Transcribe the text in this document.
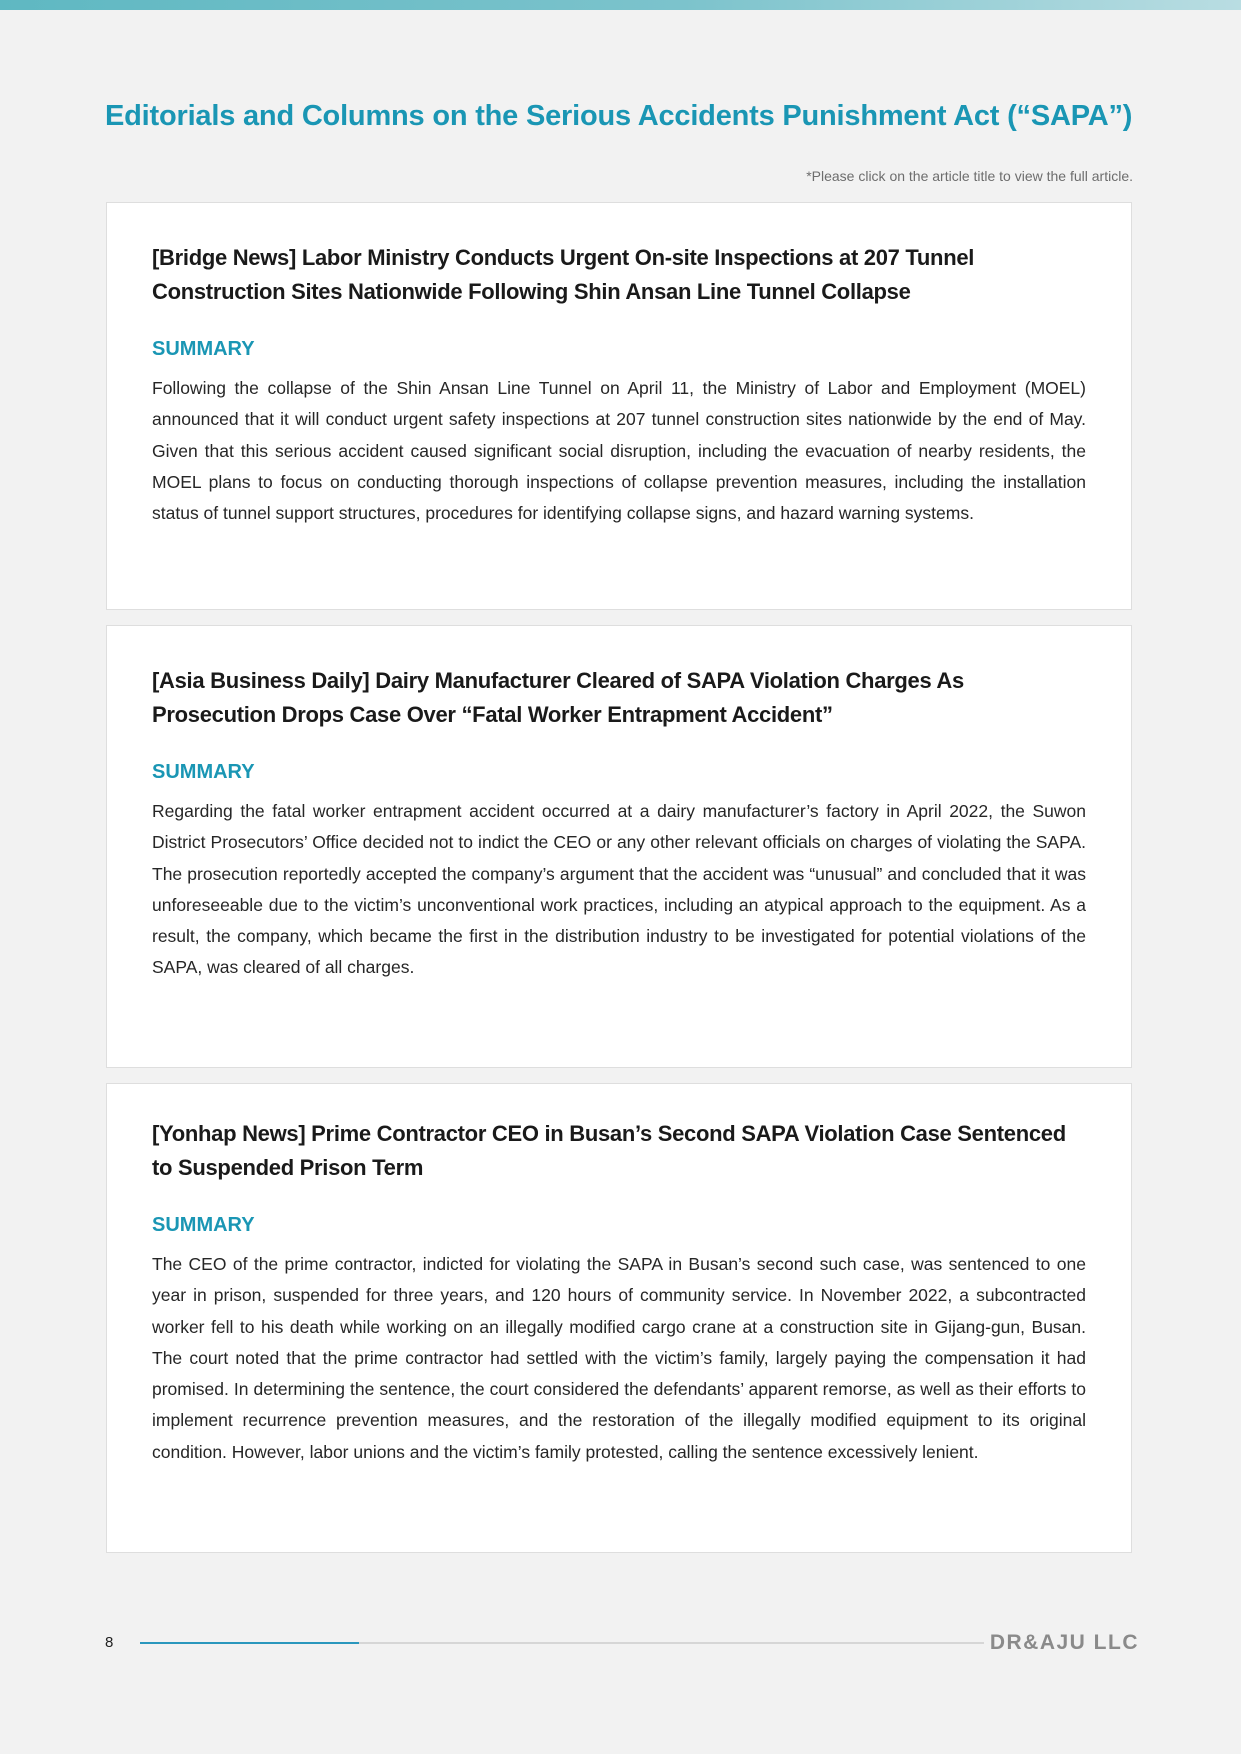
Editorials and Columns on the Serious Accidents Punishment Act (“SAPA”)
*Please click on the article title to view the full article.
[Bridge News] Labor Ministry Conducts Urgent On-site Inspections at 207 Tunnel Construction Sites Nationwide Following Shin Ansan Line Tunnel Collapse
SUMMARY
Following the collapse of the Shin Ansan Line Tunnel on April 11, the Ministry of Labor and Employment (MOEL) announced that it will conduct urgent safety inspections at 207 tunnel construction sites nationwide by the end of May. Given that this serious accident caused significant social disruption, including the evacuation of nearby residents, the MOEL plans to focus on conducting thorough inspections of collapse prevention measures, including the installation status of tunnel support structures, procedures for identifying collapse signs, and hazard warning systems.
[Asia Business Daily] Dairy Manufacturer Cleared of SAPA Violation Charges As Prosecution Drops Case Over “Fatal Worker Entrapment Accident”
SUMMARY
Regarding the fatal worker entrapment accident occurred at a dairy manufacturer’s factory in April 2022, the Suwon District Prosecutors’ Office decided not to indict the CEO or any other relevant officials on charges of violating the SAPA. The prosecution reportedly accepted the company’s argument that the accident was “unusual” and concluded that it was unforeseeable due to the victim’s unconventional work practices, including an atypical approach to the equipment. As a result, the company, which became the first in the distribution industry to be investigated for potential violations of the SAPA, was cleared of all charges.
[Yonhap News] Prime Contractor CEO in Busan’s Second SAPA Violation Case Sentenced to Suspended Prison Term
SUMMARY
The CEO of the prime contractor, indicted for violating the SAPA in Busan’s second such case, was sentenced to one year in prison, suspended for three years, and 120 hours of community service. In November 2022, a subcontracted worker fell to his death while working on an illegally modified cargo crane at a construction site in Gijang-gun, Busan. The court noted that the prime contractor had settled with the victim’s family, largely paying the compensation it had promised. In determining the sentence, the court considered the defendants’ apparent remorse, as well as their efforts to implement recurrence prevention measures, and the restoration of the illegally modified equipment to its original condition. However, labor unions and the victim’s family protested, calling the sentence excessively lenient.
8	DR&AJU LLC
